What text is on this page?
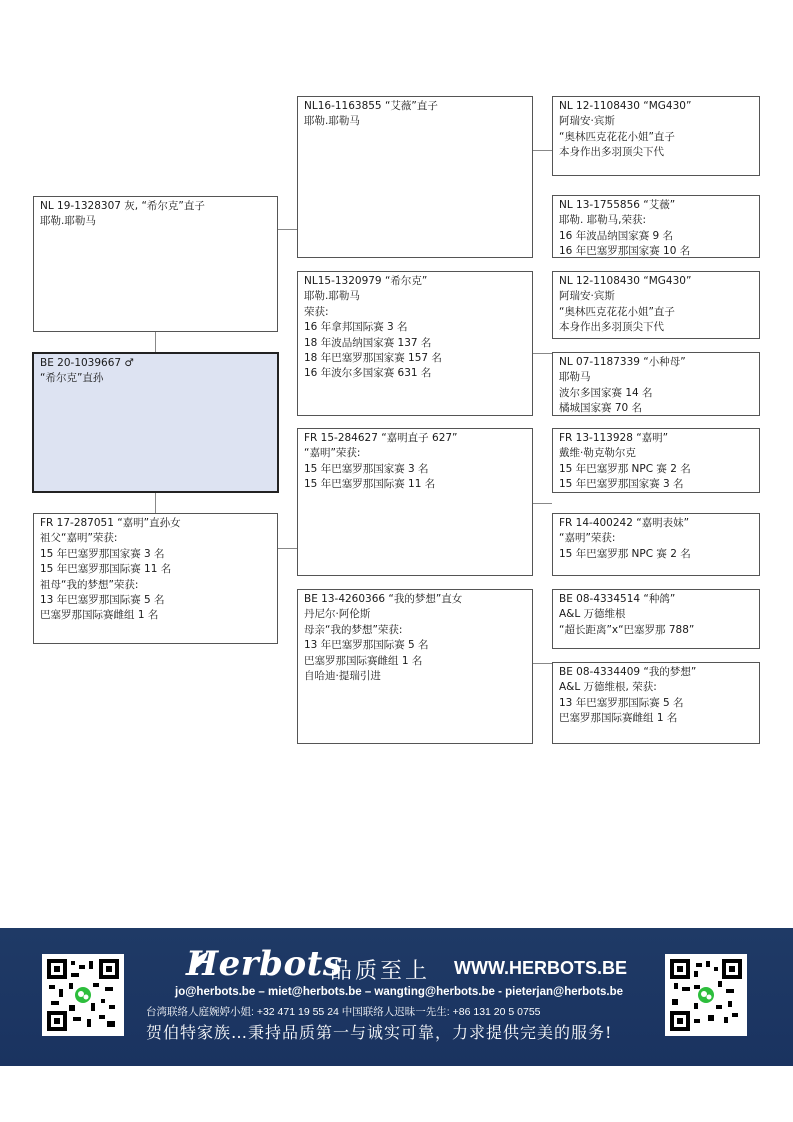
NL 19-1328307 灰, “希尔克”直子
耶勒.耶勒马
BE 20-1039667 ♂
“希尔克”直孙
FR 17-287051 “嘉明”直孙女
祖父“嘉明”荣获:
15 年巴塞罗那国家赛 3 名
15 年巴塞罗那国际赛 11 名
祖母“我的梦想”荣获:
13 年巴塞罗那国际赛 5 名
巴塞罗那国际赛雌组 1 名
NL16-1163855 “艾薇”直子
耶勒.耶勒马
NL15-1320979 “希尔克”
耶勒.耶勒马
荣获:
16 年拿邦国际赛 3 名
18 年波品纳国家赛 137 名
18 年巴塞罗那国家赛 157 名
16 年波尔多国家赛 631 名
FR 15-284627 “嘉明直子 627”
“嘉明”荣获:
15 年巴塞罗那国家赛 3 名
15 年巴塞罗那国际赛 11 名
BE 13-4260366 “我的梦想”直女
丹尼尔·阿伦斯
母亲“我的梦想”荣获:
13 年巴塞罗那国际赛 5 名
巴塞罗那国际赛雌组 1 名
自哈迪·提瑞引进
NL 12-1108430 “MG430”
阿瑞安·宾斯
“奥林匹克花花小姐”直子
本身作出多羽顶尖下代
NL 13-1755856 “艾薇”
耶勒. 耶勒马,荣获:
16 年波品纳国家赛 9 名
16 年巴塞罗那国家赛 10 名
NL 12-1108430 “MG430”
阿瑞安·宾斯
“奥林匹克花花小姐”直子
本身作出多羽顶尖下代
NL 07-1187339 “小种母”
耶勒马
波尔多国家赛 14 名
橘城国家赛 70 名
FR 13-113928 “嘉明”
戴维·勒克勒尔克
15 年巴塞罗那 NPC 赛 2 名
15 年巴塞罗那国家赛 3 名
FR 14-400242 “嘉明表妹”
“嘉明”荣获:
15 年巴塞罗那 NPC 赛 2 名
BE 08-4334514 “种鸽”
A&L 万德维根
“超长距离”x“巴塞罗那 788”
BE 08-4334409 “我的梦想”
A&L 万德维根, 荣获:
13 年巴塞罗那国际赛 5 名
巴塞罗那国际赛雌组 1 名
Herbots
品质至上 WWW.HERBOTS.BE
jo@herbots.be – miet@herbots.be – wangting@herbots.be - pieterjan@herbots.be
台湾联络人庭婉婷小姐: +32 471 19 55 24 中国联络人迟昧一先生: +86 131 20 5 0755
贺伯特家族…秉持品质第一与诚实可靠，力求提供完美的服务!
